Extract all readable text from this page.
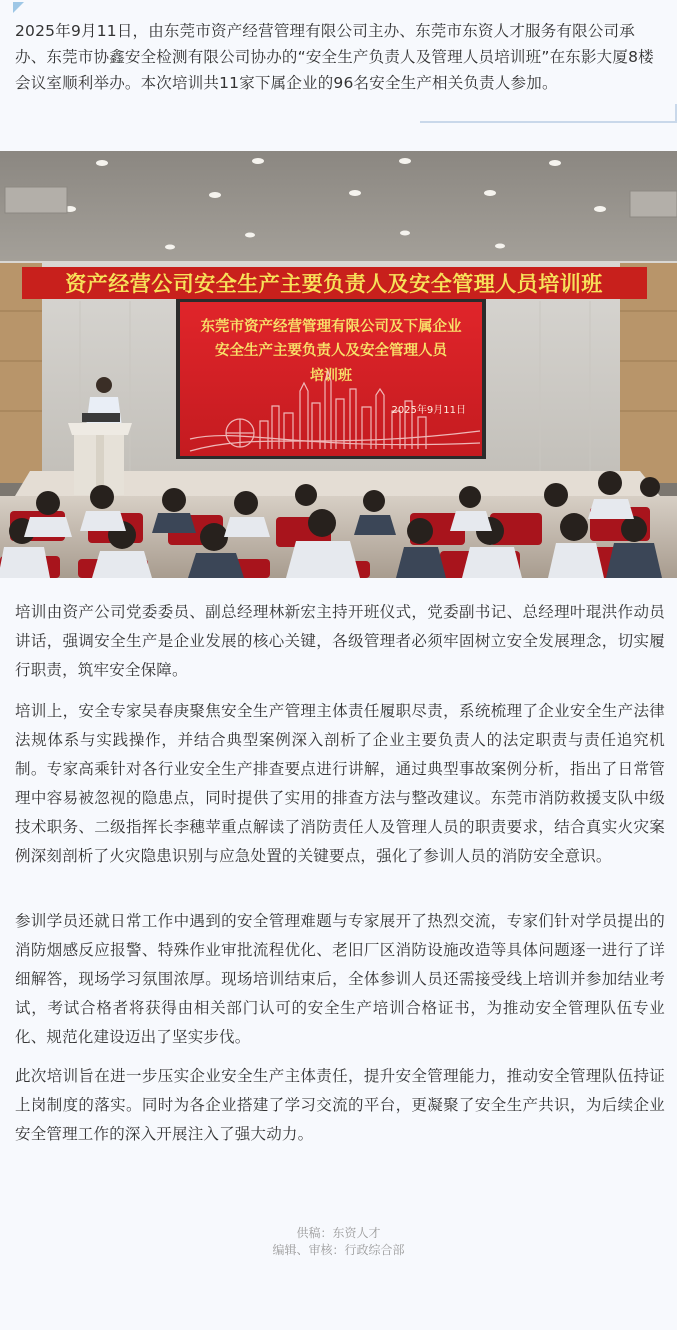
2025年9月11日，由东莞市资产经营管理有限公司主办、东莞市东资人才服务有限公司承办、东莞市协鑫安全检测有限公司协办的“安全生产负责人及管理人员培训班”在东影大厦8楼会议室顺利举办。本次培训共11家下属企业的96名安全生产相关负责人参加。

资产经营公司安全生产主要负责人及安全管理人员培训班
东莞市资产经营管理有限公司及下属企业
安全生产主要负责人及安全管理人员
培训班
2025年9月11日

培训由资产公司党委委员、副总经理林新宏主持开班仪式，党委副书记、总经理叶琨洪作动员讲话，强调安全生产是企业发展的核心关键，各级管理者必须牢固树立安全发展理念，切实履行职责，筑牢安全保障。

培训上，安全专家吴春庚聚焦安全生产管理主体责任履职尽责，系统梳理了企业安全生产法律法规体系与实践操作，并结合典型案例深入剖析了企业主要负责人的法定职责与责任追究机制。专家高乘针对各行业安全生产排查要点进行讲解，通过典型事故案例分析，指出了日常管理中容易被忽视的隐患点，同时提供了实用的排查方法与整改建议。东莞市消防救援支队中级技术职务、二级指挥长李穗苹重点解读了消防责任人及管理人员的职责要求，结合真实火灾案例深刻剖析了火灾隐患识别与应急处置的关键要点，强化了参训人员的消防安全意识。

参训学员还就日常工作中遇到的安全管理难题与专家展开了热烈交流，专家们针对学员提出的消防烟感反应报警、特殊作业审批流程优化、老旧厂区消防设施改造等具体问题逐一进行了详细解答，现场学习氛围浓厚。现场培训结束后，全体参训人员还需接受线上培训并参加结业考试，考试合格者将获得由相关部门认可的安全生产培训合格证书，为推动安全管理队伍专业化、规范化建设迈出了坚实步伐。

此次培训旨在进一步压实企业安全生产主体责任，提升安全管理能力，推动安全管理队伍持证上岗制度的落实。同时为各企业搭建了学习交流的平台，更凝聚了安全生产共识，为后续企业安全管理工作的深入开展注入了强大动力。

供稿：东资人才
编辑、审核：行政综合部
